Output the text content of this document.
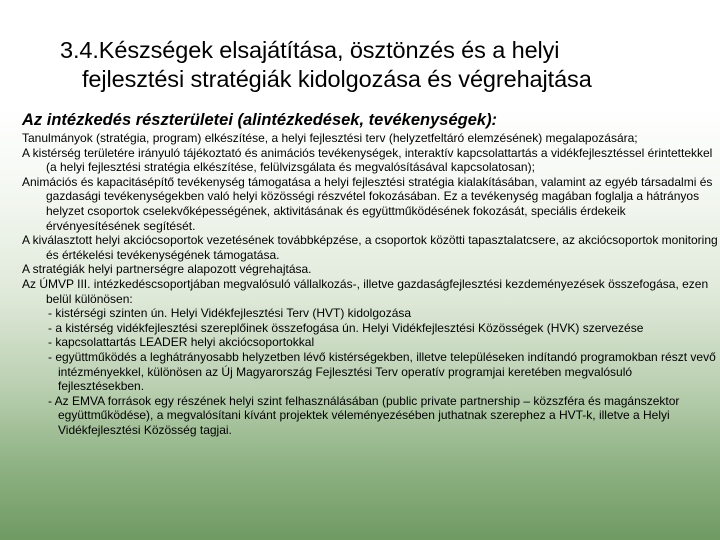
3.4.Készségek elsajátítása, ösztönzés és a helyi
fejlesztési stratégiák kidolgozása és végrehajtása
Az intézkedés részterületei (alintézkedések, tevékenységek):

Tanulmányok (stratégia, program) elkészítése, a helyi fejlesztési terv (helyzetfeltáró elemzésének) megalapozására;

A kistérség területére irányuló tájékoztató és animációs tevékenységek, interaktív kapcsolattartás a vidékfejlesztéssel érintettekkel (a helyi fejlesztési stratégia elkészítése, felülvizsgálata és megvalósításával kapcsolatosan);

Animációs és kapacitásépítő tevékenység támogatása a helyi fejlesztési stratégia kialakításában, valamint az egyéb társadalmi és gazdasági tevékenységekben való helyi közösségi részvétel fokozásában. Ez a tevékenység magában foglalja a hátrányos helyzet csoportok cselekvőképességének, aktivitásának és együttműködésének fokozását, speciális érdekeik érvényesítésének segítését.

A kiválasztott helyi akciócsoportok vezetésének továbbképzése, a csoportok közötti tapasztalatcsere, az akciócsoportok monitoring és értékelési tevékenységének támogatása.

A stratégiák helyi partnerségre alapozott végrehajtása.

Az ÚMVP III. intézkedéscsoportjában megvalósuló vállalkozás-, illetve gazdaságfejlesztési kezdeményezések összefogása, ezen belül különösen:

- kistérségi szinten ún. Helyi Vidékfejlesztési Terv (HVT) kidolgozása

- a kistérség vidékfejlesztési szereplőinek összefogása ún. Helyi Vidékfejlesztési Közösségek (HVK) szervezése

- kapcsolattartás LEADER helyi akciócsoportokkal

- együttműködés a leghátrányosabb helyzetben lévő kistérségekben, illetve településeken indítandó programokban részt vevő intézményekkel, különösen az Új Magyarország Fejlesztési Terv operatív programjai keretében megvalósuló fejlesztésekben.

- Az EMVA források egy részének helyi szint felhasználásában (public private partnership – közszféra és magánszektor együttműködése), a megvalósítani kívánt projektek véleményezésében juthatnak szerephez a HVT-k, illetve a Helyi Vidékfejlesztési Közösség tagjai.
